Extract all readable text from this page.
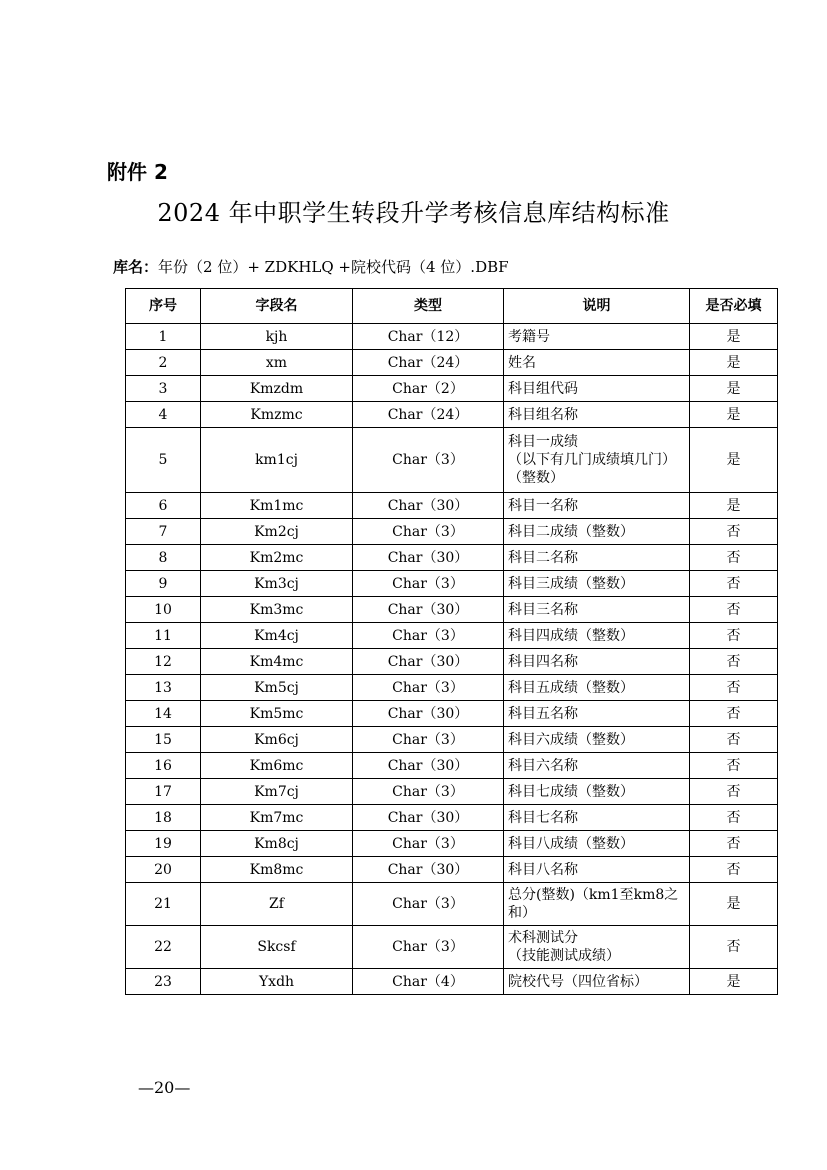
附件 2
2024 年中职学生转段升学考核信息库结构标准
库名：年份（2 位）+ ZDKHLQ +院校代码（4 位）.DBF
序号	字段名	类型	说明	是否必填
1	kjh	Char（12）	考籍号	是
2	xm	Char（24）	姓名	是
3	Kmzdm	Char（2）	科目组代码	是
4	Kmzmc	Char（24）	科目组名称	是
5	km1cj	Char（3）	科目一成绩
（以下有几门成绩填几门）（整数）	是
6	Km1mc	Char（30）	科目一名称	是
7	Km2cj	Char（3）	科目二成绩（整数）	否
8	Km2mc	Char（30）	科目二名称	否
9	Km3cj	Char（3）	科目三成绩（整数）	否
10	Km3mc	Char（30）	科目三名称	否
11	Km4cj	Char（3）	科目四成绩（整数）	否
12	Km4mc	Char（30）	科目四名称	否
13	Km5cj	Char（3）	科目五成绩（整数）	否
14	Km5mc	Char（30）	科目五名称	否
15	Km6cj	Char（3）	科目六成绩（整数）	否
16	Km6mc	Char（30）	科目六名称	否
17	Km7cj	Char（3）	科目七成绩（整数）	否
18	Km7mc	Char（30）	科目七名称	否
19	Km8cj	Char（3）	科目八成绩（整数）	否
20	Km8mc	Char（30）	科目八名称	否
21	Zf	Char（3）	总分(整数)（km1至km8之和）	是
22	Skcsf	Char（3）	术科测试分
（技能测试成绩）	否
23	Yxdh	Char（4）	院校代号（四位省标）	是
—20—
